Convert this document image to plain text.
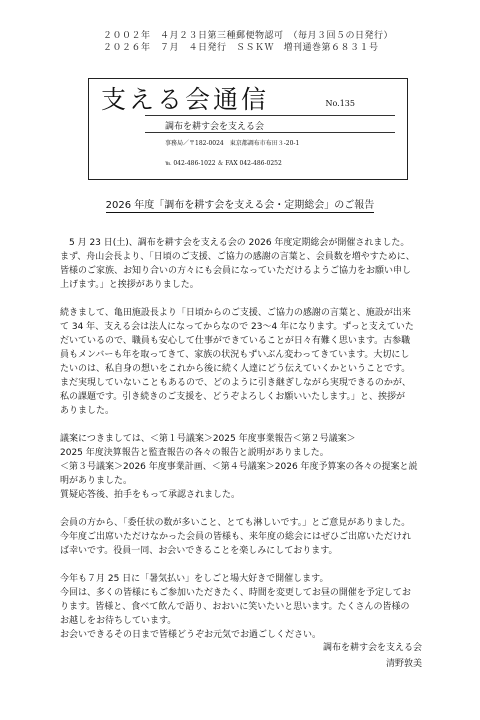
２００２年　４月２３日第三種郵便物認可　（毎月３回５の日発行）
２０２６年　７月　４日発行　ＳＳＫＷ　増刊通巻第６８３１号
支える会通信	No.135
調布を耕す会を支える会
事務局／〒182-0024　東京都調布市布田３-20-1
℡ 042-486-1022 ＆ FAX 042-486-0252
2026 年度「調布を耕す会を支える会・定期総会」のご報告
　5 月 23 日(土)、調布を耕す会を支える会の 2026 年度定期総会が開催されました。
まず、舟山会長より、「日頃のご支援、ご協力の感謝の言葉と、会員数を増やすために、
皆様のご家族、お知り合いの方々にも会員になっていただけるようご協力をお願い申し
上げます。」と挨拶がありました。
続きまして、亀田施設長より「日頃からのご支援、ご協力の感謝の言葉と、施設が出来
て 34 年、支える会は法人になってからなので 23～4 年になります。ずっと支えていた
だいているので、職員も安心して仕事ができていることが日々有難く思います。古参職
員もメンバーも年を取ってきて、家族の状況もずいぶん変わってきています。大切にし
たいのは、私自身の想いをこれから後に続く人達にどう伝えていくかということです。
まだ実現していないこともあるので、どのように引き継ぎしながら実現できるのかが、
私の課題です。引き続きのご支援を、どうぞよろしくお願いいたします。」と、挨拶が
ありました。
議案につきましては、＜第１号議案＞2025 年度事業報告＜第２号議案＞
2025 年度決算報告と監査報告の各々の報告と説明がありました。
＜第３号議案＞2026 年度事業計画、＜第４号議案＞2026 年度予算案の各々の提案と説
明がありました。
質疑応答後、拍手をもって承認されました。
会員の方から、「委任状の数が多いこと、とても淋しいです。」とご意見がありました。
今年度ご出席いただけなかった会員の皆様も、来年度の総会にはぜひご出席いただけれ
ば幸いです。役員一同、お会いできることを楽しみにしております。
今年も７月 25 日に「暑気払い」をしごと場大好きで開催します。
今回は、多くの皆様にもご参加いただきたく、時間を変更してお昼の開催を予定してお
ります。皆様と、食べて飲んで語り、おおいに笑いたいと思います。たくさんの皆様の
お越しをお待ちしています。
お会いできるその日まで皆様どうぞお元気でお過ごしください。
調布を耕す会を支える会
清野敦美
